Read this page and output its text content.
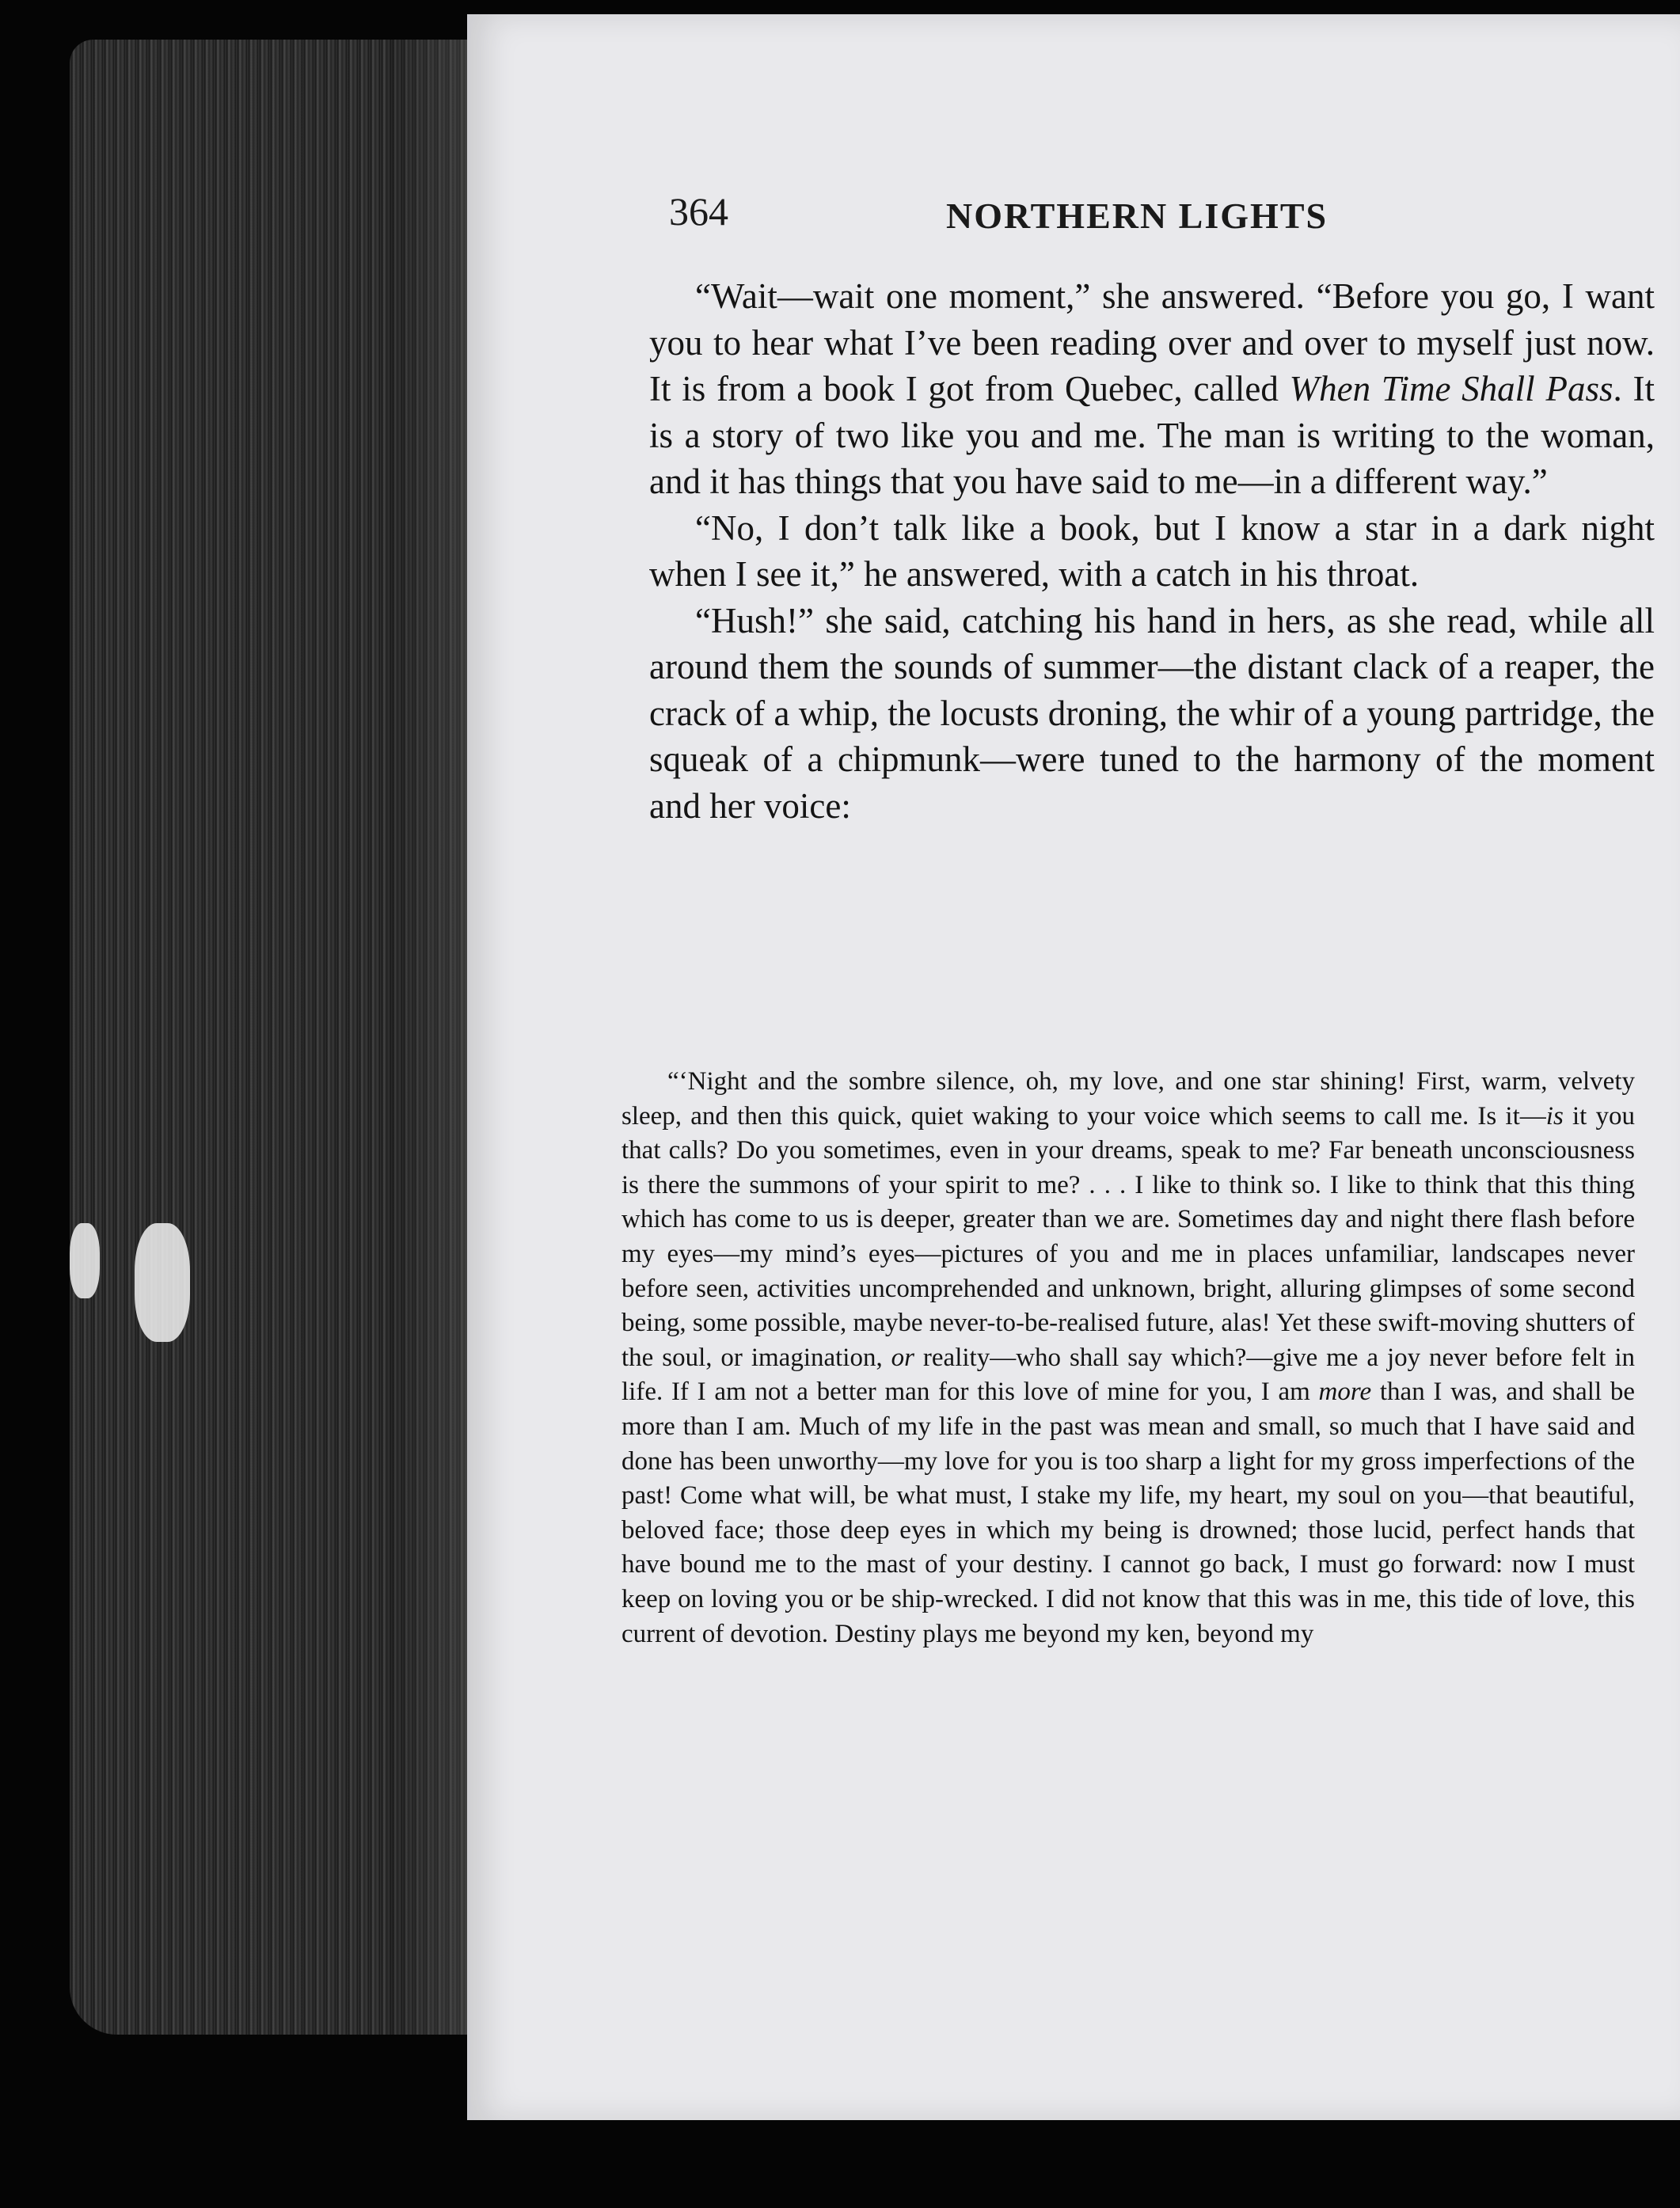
364	NORTHERN LIGHTS

“Wait—wait one moment,” she answered. “Before you go, I want you to hear what I’ve been reading over and over to myself just now. It is from a book I got from Quebec, called When Time Shall Pass. It is a story of two like you and me. The man is writing to the woman, and it has things that you have said to me—in a different way.”

“No, I don’t talk like a book, but I know a star in a dark night when I see it,” he answered, with a catch in his throat.

“Hush!” she said, catching his hand in hers, as she read, while all around them the sounds of summer—the distant clack of a reaper, the crack of a whip, the locusts droning, the whir of a young partridge, the squeak of a chipmunk—were tuned to the harmony of the moment and her voice:

“‘Night and the sombre silence, oh, my love, and one star shining! First, warm, velvety sleep, and then this quick, quiet waking to your voice which seems to call me. Is it—is it you that calls? Do you sometimes, even in your dreams, speak to me? Far beneath unconsciousness is there the summons of your spirit to me? . . . I like to think so. I like to think that this thing which has come to us is deeper, greater than we are. Sometimes day and night there flash before my eyes—my mind’s eyes—pictures of you and me in places unfamiliar, landscapes never before seen, activities uncomprehended and unknown, bright, alluring glimpses of some second being, some possible, maybe never-to-be-realised future, alas! Yet these swift-moving shutters of the soul, or imagination, or reality—who shall say which?—give me a joy never before felt in life. If I am not a better man for this love of mine for you, I am more than I was, and shall be more than I am. Much of my life in the past was mean and small, so much that I have said and done has been unworthy—my love for you is too sharp a light for my gross imperfections of the past! Come what will, be what must, I stake my life, my heart, my soul on you—that beautiful, beloved face; those deep eyes in which my being is drowned; those lucid, perfect hands that have bound me to the mast of your destiny. I cannot go back, I must go forward: now I must keep on loving you or be ship-wrecked. I did not know that this was in me, this tide of love, this current of devotion. Destiny plays me beyond my ken, beyond my
